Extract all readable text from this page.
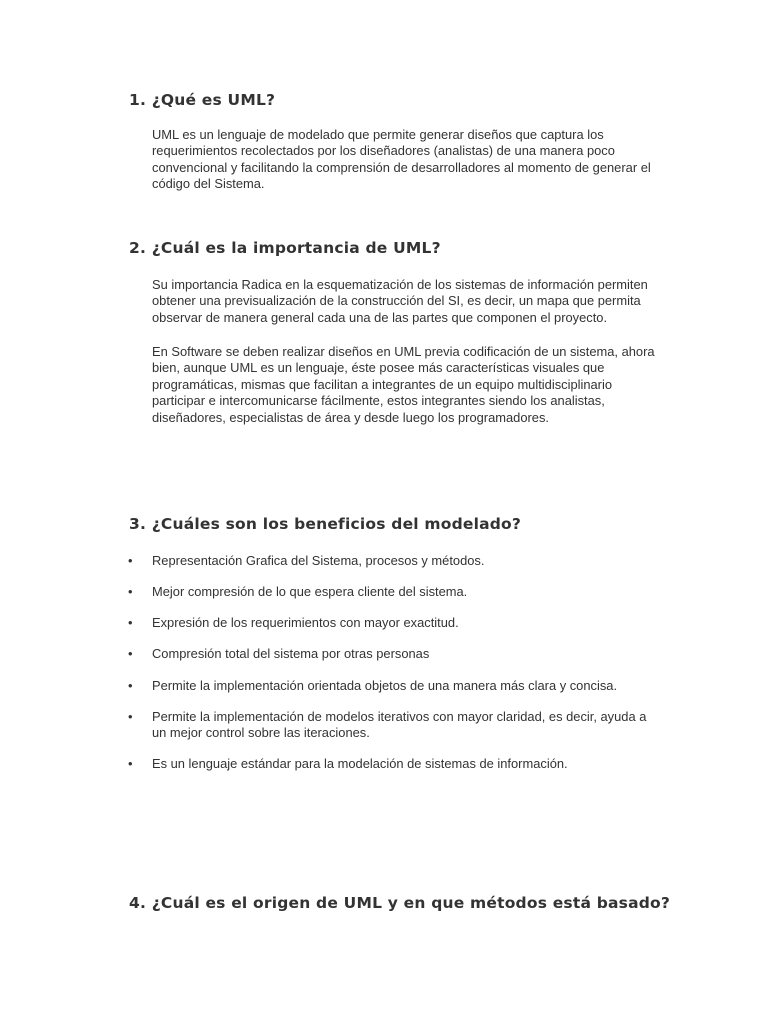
1. ¿Qué es UML?

UML es un lenguaje de modelado que permite generar diseños que captura los requerimientos recolectados por los diseñadores (analistas) de una manera poco convencional y facilitando la comprensión de desarrolladores al momento de generar el código del Sistema.

2. ¿Cuál es la importancia de UML?

Su importancia Radica en la esquematización de los sistemas de información permiten obtener una previsualización de la construcción del SI, es decir, un mapa que permita observar de manera general cada una de las partes que componen el proyecto.

En Software se deben realizar diseños en UML previa codificación de un sistema, ahora bien, aunque UML es un lenguaje, éste posee más características visuales que programáticas, mismas que facilitan a integrantes de un equipo multidisciplinario participar e intercomunicarse fácilmente, estos integrantes siendo los analistas, diseñadores, especialistas de área y desde luego los programadores.

3. ¿Cuáles son los beneficios del modelado?
•	Representación Grafica del Sistema, procesos y métodos.
•	Mejor compresión de lo que espera cliente del sistema.
•	Expresión de los requerimientos con mayor exactitud.
•	Compresión total del sistema por otras personas
•	Permite la implementación orientada objetos de una manera más clara y concisa.
•	Permite la implementación de modelos iterativos con mayor claridad, es decir, ayuda a un mejor control sobre las iteraciones.
•	Es un lenguaje estándar para la modelación de sistemas de información.
4. ¿Cuál es el origen de UML y en que métodos está basado?
